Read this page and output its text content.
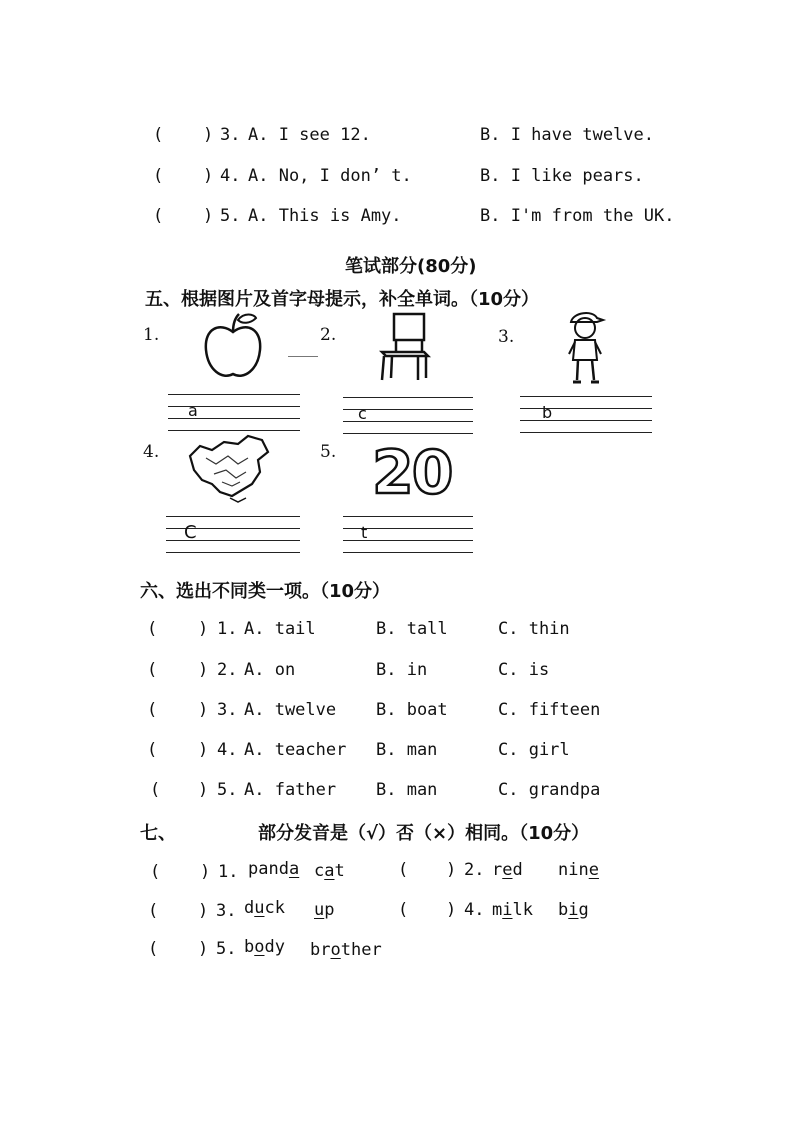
( ) 3. A. I see 12.	B. I have twelve.
( ) 4. A. No, I don’ t.	B. I like pears.
( ) 5. A. This is Amy.	B. I'm from the UK.
笔试部分(80分)
五、根据图片及首字母提示，补全单词。（10分）
1.
a
2.
c
3.
b
4.
C
5. 20
t
六、选出不同类一项。（10分）
( ) 1. A. tail	B. tall	C. thin
( ) 2. A. on	B. in	C. is
( ) 3. A. twelve B. boat	C. fifteen
( ) 4. A. teacher B. man	C. girl
( ) 5. A. father B. man	C. grandpa
七、	部分发音是（√）否（×）相同。（10分）
( ) 1. panda cat	( ) 2. red nine
( ) 3. duck up	( ) 4. milk big
( ) 5. body brother
